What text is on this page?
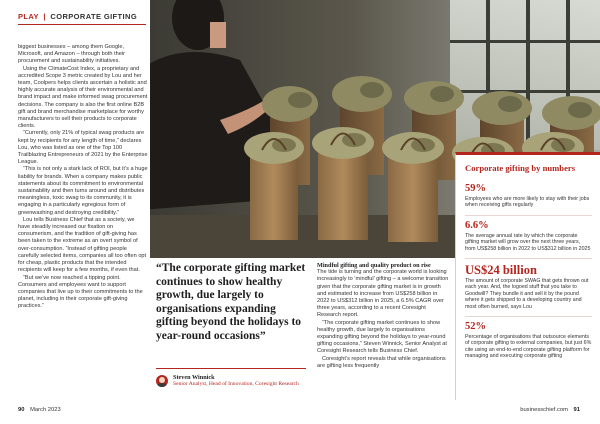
PLAY | CORPORATE GIFTING

biggest businesses – among them Google, Microsoft, and Amazon – through both their procurement and sustainability initiatives.

Using the ClimateCost Index, a proprietary and accredited Scope 3 metric created by Lou and her team, Coolpers helps clients ascertain a holistic and highly accurate analysis of their environmental and brand impact and make informed swag procurement decisions. The company is also the first online B2B gift and brand merchandise marketplace for worthy manufacturers to sell their products to corporate clients.

“Currently, only 21% of typical swag products are kept by recipients for any length of time,” declares Lou, who was listed as one of the Top 100 Trailblazing Entrepreneurs of 2021 by the Enterprise League.

“This is not only a stark lack of ROI, but it’s a huge liability for brands. When a company makes public statements about its commitment to environmental sustainability and then turns around and distributes meaningless, toxic swag to its community, it is engaging in a particularly egregious form of greenwashing and destroying credibility.”

Lou tells Business Chief that as a society, we have steadily increased our fixation on consumerism, and the tradition of gift-giving has been taken to the extreme as an overt symbol of over-consumption. “Instead of gifting people carefully selected items, companies all too often opt for cheap, plastic products that the intended recipients will keep for a few months, if even that.

“But we’ve now reached a tipping point. Consumers and employees want to support companies that live up to their commitments to the planet, including in their corporate gift-giving practices.”

“The corporate gifting market continues to show healthy growth, due largely to organisations expanding gifting beyond the holidays to year-round occasions”
Steven Winnick
Senior Analyst, Head of Innovation, Coresight Research
Mindful gifting and quality product on rise

The tide is turning and the corporate world is looking increasingly to ‘mindful’ gifting – a welcome transition given that the corporate gifting market is in growth and estimated to increase from US$258 billion in 2022 to US$312 billion in 2025, a 6.5% CAGR over three years, according to a recent Coresight Research report.

“The corporate gifting market continues to show healthy growth, due largely to organisations expanding gifting beyond the holidays to year-round gifting occasions,” Steven Winnick, Senior Analyst at Coresight Research tells Business Chief.

Coresight’s report reveals that while organisations are gifting less frequently

Corporate gifting by numbers
59%
Employees who are more likely to stay with their jobs when receiving gifts regularly
6.6%
The average annual rate by which the corporate gifting market will grow over the next three years, from US$258 billion in 2022 to US$312 billion in 2025
US$24 billion
The amount of corporate SWAG that gets thrown out each year. And, the logoed stuff that you take to Goodwill? They bundle it and sell it by the pound where it gets shipped to a developing country and most often burned, says Lou
52%
Percentage of organisations that outsource elements of corporate gifting to external companies, but just 6% cite using an end-to-end corporate gifting platform for managing and executing corporate gifting
90 March 2023	businesschief.com 91
